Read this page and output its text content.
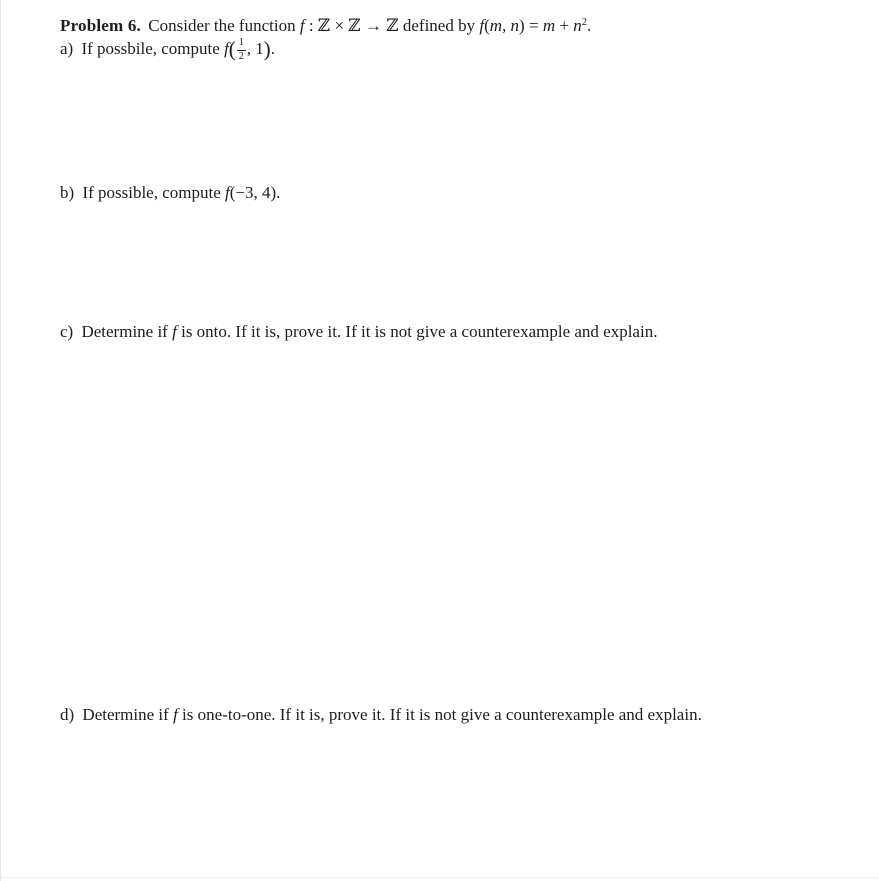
Problem 6. Consider the function f : ℤ × ℤ → ℤ defined by f(m, $n) = m + n^2$.
a) If possbile, compute $f( \frac{1}{2}$ , 1).
b) If possible, compute f(−3, 4).
c) Determine if f is onto. If it is, prove it. If it is not give a counterexample and explain.
d) Determine if f is one-to-one. If it is, prove it. If it is not give a counterexample and explain.
